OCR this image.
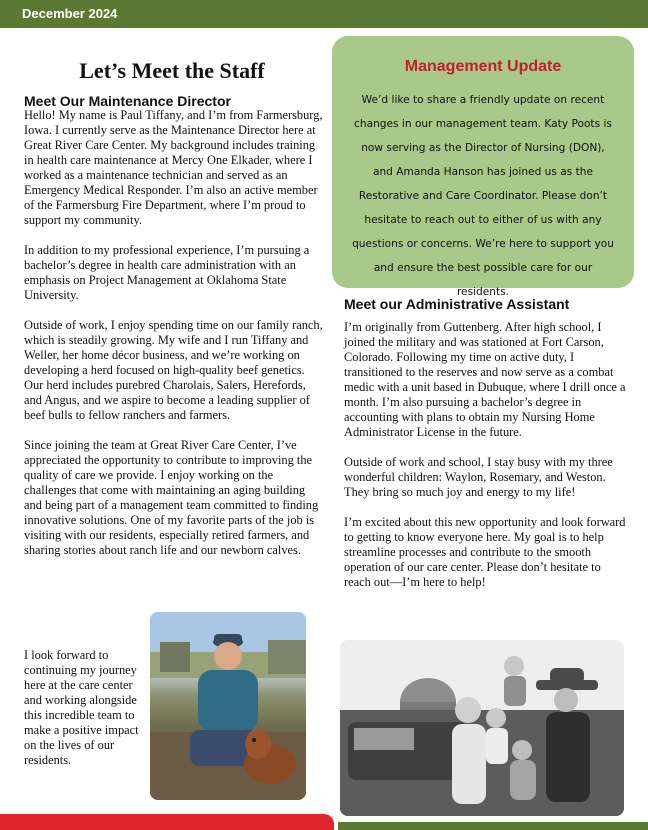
December 2024
Let’s Meet the Staff
Meet Our Maintenance Director

Hello! My name is Paul Tiffany, and I’m from Farmersburg, Iowa. I currently serve as the Maintenance Director here at Great River Care Center. My background includes training in health care maintenance at Mercy One Elkader, where I worked as a maintenance technician and served as an Emergency Medical Responder. I’m also an active member of the Farmersburg Fire Department, where I’m proud to support my community.

In addition to my professional experience, I’m pursuing a bachelor’s degree in health care administration with an emphasis on Project Management at Oklahoma State University.

Outside of work, I enjoy spending time on our family ranch, which is steadily growing. My wife and I run Tiffany and Weller, her home décor business, and we’re working on developing a herd focused on high-quality beef genetics. Our herd includes purebred Charolais, Salers, Herefords, and Angus, and we aspire to become a leading supplier of beef bulls to fellow ranchers and farmers.

Since joining the team at Great River Care Center, I’ve appreciated the opportunity to contribute to improving the quality of care we provide. I enjoy working on the challenges that come with maintaining an aging building and being part of a management team committed to finding innovative solutions. One of my favorite parts of the job is visiting with our residents, especially retired farmers, and sharing stories about ranch life and our newborn calves.

I look forward to continuing my journey here at the care center and working alongside this incredible team to make a positive impact on the lives of our residents.

Management Update
We’d like to share a friendly update on recent changes in our management team. Katy Poots is now serving as the Director of Nursing (DON), and Amanda Hanson has joined us as the Restorative and Care Coordinator. Please don’t hesitate to reach out to either of us with any questions or concerns. We’re here to support you and ensure the best possible care for our residents.
Meet our Administrative Assistant

I’m originally from Guttenberg. After high school, I joined the military and was stationed at Fort Carson, Colorado. Following my time on active duty, I transitioned to the reserves and now serve as a combat medic with a unit based in Dubuque, where I drill once a month. I’m also pursuing a bachelor’s degree in accounting with plans to obtain my Nursing Home Administrator License in the future.

Outside of work and school, I stay busy with my three wonderful children: Waylon, Rosemary, and Weston. They bring so much joy and energy to my life!

I’m excited about this new opportunity and look forward to getting to know everyone here. My goal is to help streamline processes and contribute to the smooth operation of our care center. Please don’t hesitate to reach out—I’m here to help!
